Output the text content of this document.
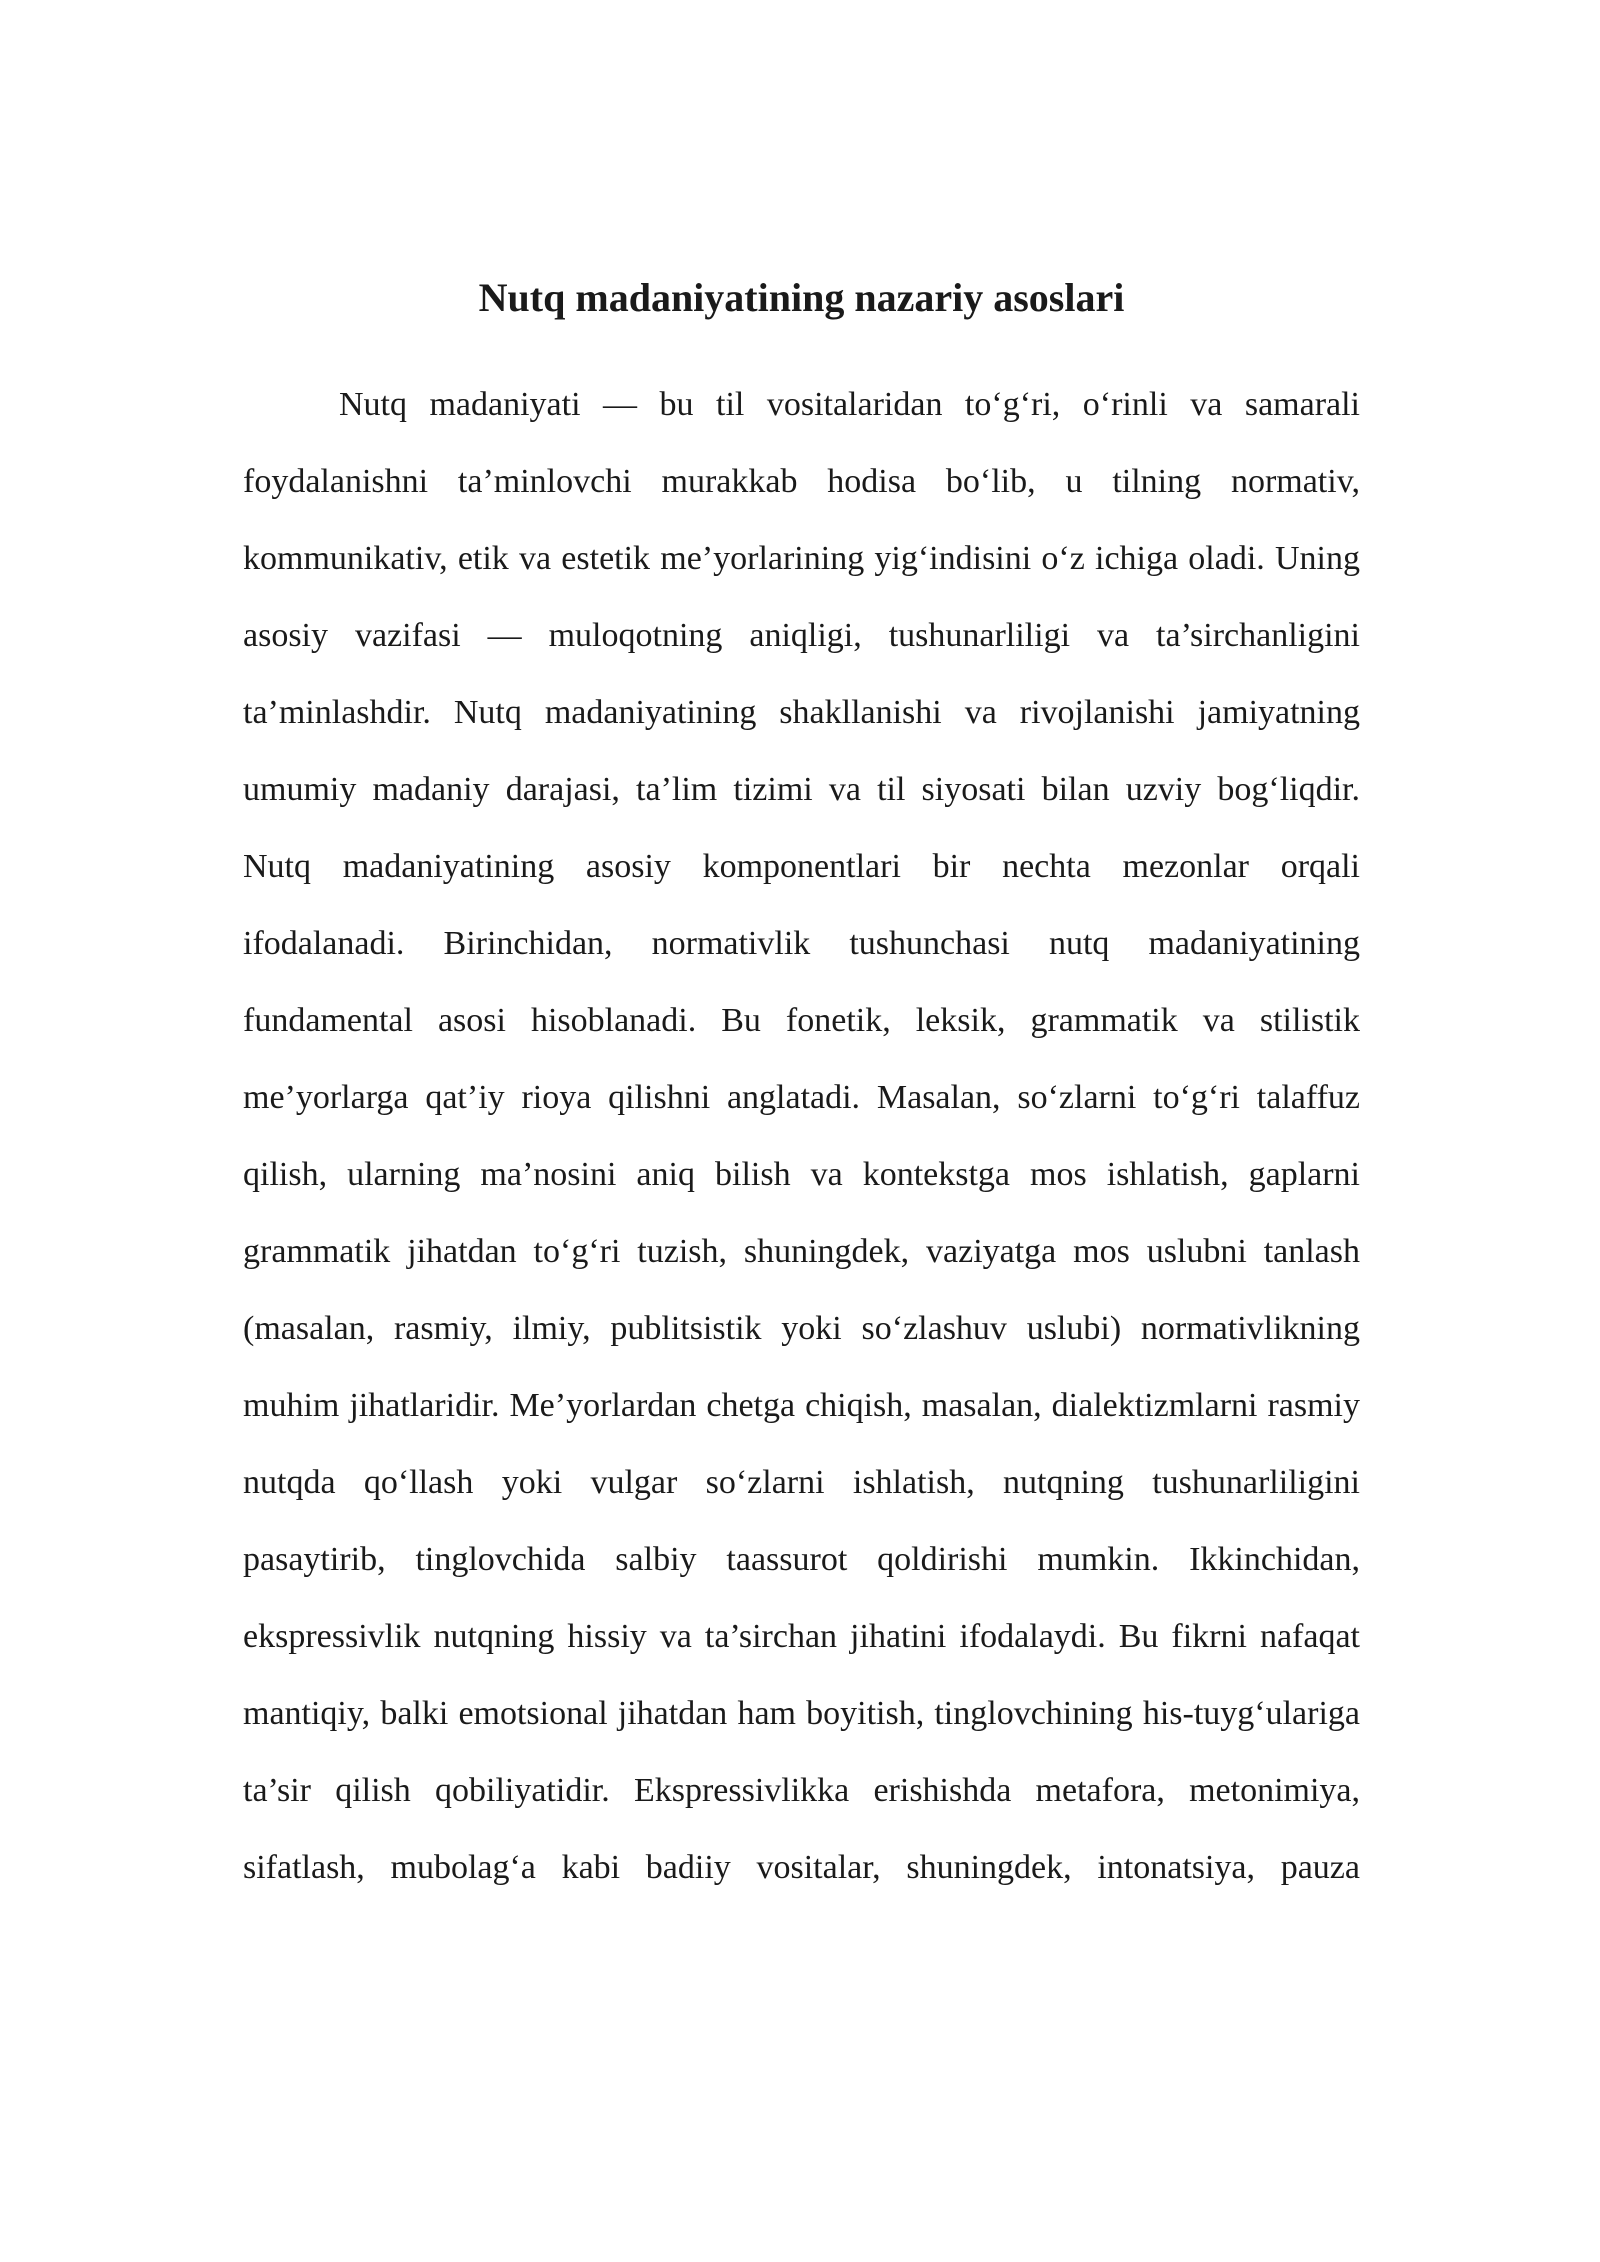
Nutq madaniyatining nazariy asoslari

Nutq madaniyati — bu til vositalaridan to‘g‘ri, o‘rinli va samarali foydalanishni ta’minlovchi murakkab hodisa bo‘lib, u tilning normativ, kommunikativ, etik va estetik me’yorlarining yig‘indisini o‘z ichiga oladi. Uning asosiy vazifasi — muloqotning aniqligi, tushunarliligi va ta’sirchanligini ta’minlashdir. Nutq madaniyatining shakllanishi va rivojlanishi jamiyatning umumiy madaniy darajasi, ta’lim tizimi va til siyosati bilan uzviy bog‘liqdir. Nutq madaniyatining asosiy komponentlari bir nechta mezonlar orqali ifodalanadi. Birinchidan, normativlik tushunchasi nutq madaniyatining fundamental asosi hisoblanadi. Bu fonetik, leksik, grammatik va stilistik me’yorlarga qat’iy rioya qilishni anglatadi. Masalan, so‘zlarni to‘g‘ri talaffuz qilish, ularning ma’nosini aniq bilish va kontekstga mos ishlatish, gaplarni grammatik jihatdan to‘g‘ri tuzish, shuningdek, vaziyatga mos uslubni tanlash (masalan, rasmiy, ilmiy, publitsistik yoki so‘zlashuv uslubi) normativlikning muhim jihatlaridir. Me’yorlardan chetga chiqish, masalan, dialektizmlarni rasmiy nutqda qo‘llash yoki vulgar so‘zlarni ishlatish, nutqning tushunarliligini pasaytirib, tinglovchida salbiy taassurot qoldirishi mumkin. Ikkinchidan, ekspressivlik nutqning hissiy va ta’sirchan jihatini ifodalaydi. Bu fikrni nafaqat mantiqiy, balki emotsional jihatdan ham boyitish, tinglovchining his-tuyg‘ulariga ta’sir qilish qobiliyatidir. Ekspressivlikka erishishda metafora, metonimiya, sifatlash, mubolag‘a kabi badiiy vositalar, shuningdek, intonatsiya, pauza
